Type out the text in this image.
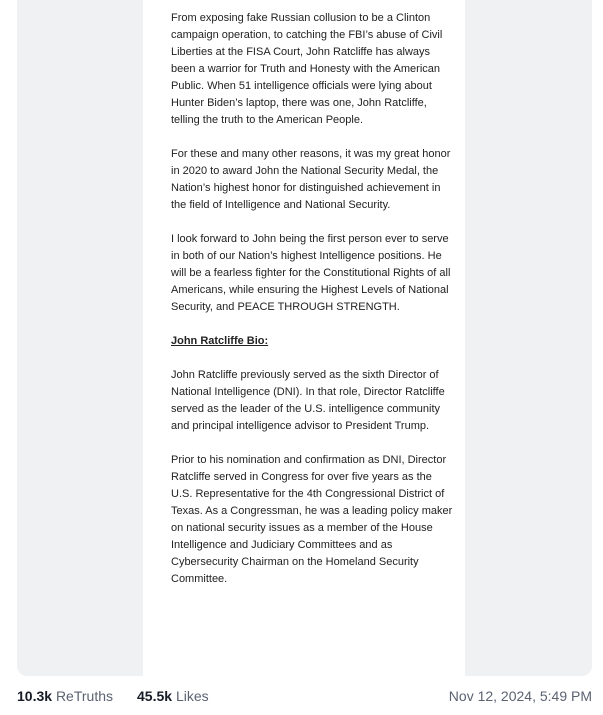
From exposing fake Russian collusion to be a Clinton campaign operation, to catching the FBI’s abuse of Civil Liberties at the FISA Court, John Ratcliffe has always been a warrior for Truth and Honesty with the American Public. When 51 intelligence officials were lying about Hunter Biden’s laptop, there was one, John Ratcliffe, telling the truth to the American People.

For these and many other reasons, it was my great honor in 2020 to award John the National Security Medal, the Nation’s highest honor for distinguished achievement in the field of Intelligence and National Security.

I look forward to John being the first person ever to serve in both of our Nation’s highest Intelligence positions. He will be a fearless fighter for the Constitutional Rights of all Americans, while ensuring the Highest Levels of National Security, and PEACE THROUGH STRENGTH.

John Ratcliffe Bio:

John Ratcliffe previously served as the sixth Director of National Intelligence (DNI). In that role, Director Ratcliffe served as the leader of the U.S. intelligence community and principal intelligence advisor to President Trump.

Prior to his nomination and confirmation as DNI, Director Ratcliffe served in Congress for over five years as the U.S. Representative for the 4th Congressional District of Texas. As a Congressman, he was a leading policy maker on national security issues as a member of the House Intelligence and Judiciary Committees and as Cybersecurity Chairman on the Homeland Security Committee.

10.3k ReTruths 45.5k Likes	Nov 12, 2024, 5:49 PM
